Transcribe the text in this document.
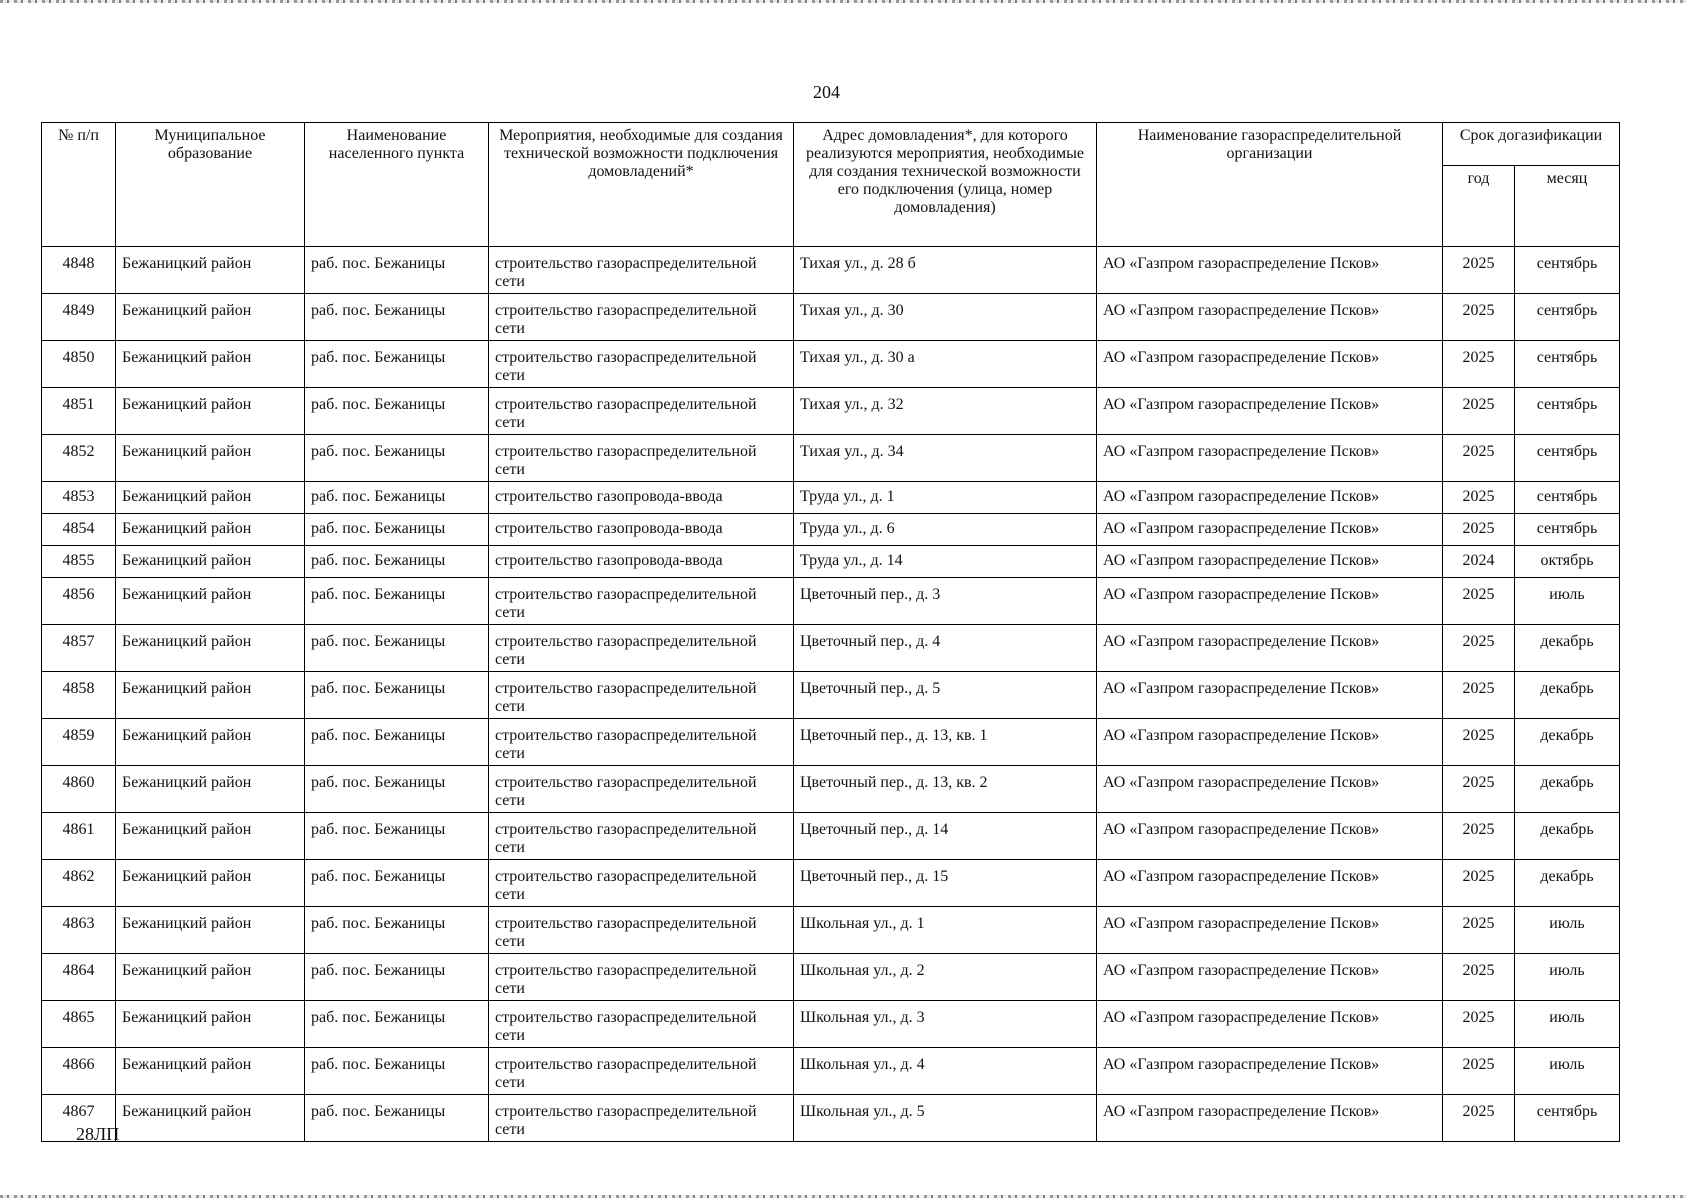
204
№ п/п	Муниципальное образование	Наименование населенного пункта	Мероприятия, необходимые для создания технической возможности подключения домовладений*	Адрес домовладения*, для которого реализуются мероприятия, необходимые для создания технической возможности его подключения (улица, номер домовладения)	Наименование газораспределительной организации	Срок догазификации	
						год	месяц
4848	Бежаницкий район	раб. пос. Бежаницы	строительство газораспределительной сети	Тихая ул., д. 28 б	АО «Газпром газораспределение Псков»	2025	сентябрь
4849	Бежаницкий район	раб. пос. Бежаницы	строительство газораспределительной сети	Тихая ул., д. 30	АО «Газпром газораспределение Псков»	2025	сентябрь
4850	Бежаницкий район	раб. пос. Бежаницы	строительство газораспределительной сети	Тихая ул., д. 30 а	АО «Газпром газораспределение Псков»	2025	сентябрь
4851	Бежаницкий район	раб. пос. Бежаницы	строительство газораспределительной сети	Тихая ул., д. 32	АО «Газпром газораспределение Псков»	2025	сентябрь
4852	Бежаницкий район	раб. пос. Бежаницы	строительство газораспределительной сети	Тихая ул., д. 34	АО «Газпром газораспределение Псков»	2025	сентябрь
4853	Бежаницкий район	раб. пос. Бежаницы	строительство газопровода-ввода	Труда ул., д. 1	АО «Газпром газораспределение Псков»	2025	сентябрь
4854	Бежаницкий район	раб. пос. Бежаницы	строительство газопровода-ввода	Труда ул., д. 6	АО «Газпром газораспределение Псков»	2025	сентябрь
4855	Бежаницкий район	раб. пос. Бежаницы	строительство газопровода-ввода	Труда ул., д. 14	АО «Газпром газораспределение Псков»	2024	октябрь
4856	Бежаницкий район	раб. пос. Бежаницы	строительство газораспределительной сети	Цветочный пер., д. 3	АО «Газпром газораспределение Псков»	2025	июль
4857	Бежаницкий район	раб. пос. Бежаницы	строительство газораспределительной сети	Цветочный пер., д. 4	АО «Газпром газораспределение Псков»	2025	декабрь
4858	Бежаницкий район	раб. пос. Бежаницы	строительство газораспределительной сети	Цветочный пер., д. 5	АО «Газпром газораспределение Псков»	2025	декабрь
4859	Бежаницкий район	раб. пос. Бежаницы	строительство газораспределительной сети	Цветочный пер., д. 13, кв. 1	АО «Газпром газораспределение Псков»	2025	декабрь
4860	Бежаницкий район	раб. пос. Бежаницы	строительство газораспределительной сети	Цветочный пер., д. 13, кв. 2	АО «Газпром газораспределение Псков»	2025	декабрь
4861	Бежаницкий район	раб. пос. Бежаницы	строительство газораспределительной сети	Цветочный пер., д. 14	АО «Газпром газораспределение Псков»	2025	декабрь
4862	Бежаницкий район	раб. пос. Бежаницы	строительство газораспределительной сети	Цветочный пер., д. 15	АО «Газпром газораспределение Псков»	2025	декабрь
4863	Бежаницкий район	раб. пос. Бежаницы	строительство газораспределительной сети	Школьная ул., д. 1	АО «Газпром газораспределение Псков»	2025	июль
4864	Бежаницкий район	раб. пос. Бежаницы	строительство газораспределительной сети	Школьная ул., д. 2	АО «Газпром газораспределение Псков»	2025	июль
4865	Бежаницкий район	раб. пос. Бежаницы	строительство газораспределительной сети	Школьная ул., д. 3	АО «Газпром газораспределение Псков»	2025	июль
4866	Бежаницкий район	раб. пос. Бежаницы	строительство газораспределительной сети	Школьная ул., д. 4	АО «Газпром газораспределение Псков»	2025	июль
4867	Бежаницкий район	раб. пос. Бежаницы	строительство газораспределительной сети	Школьная ул., д. 5	АО «Газпром газораспределение Псков»	2025	сентябрь
28ЛП
